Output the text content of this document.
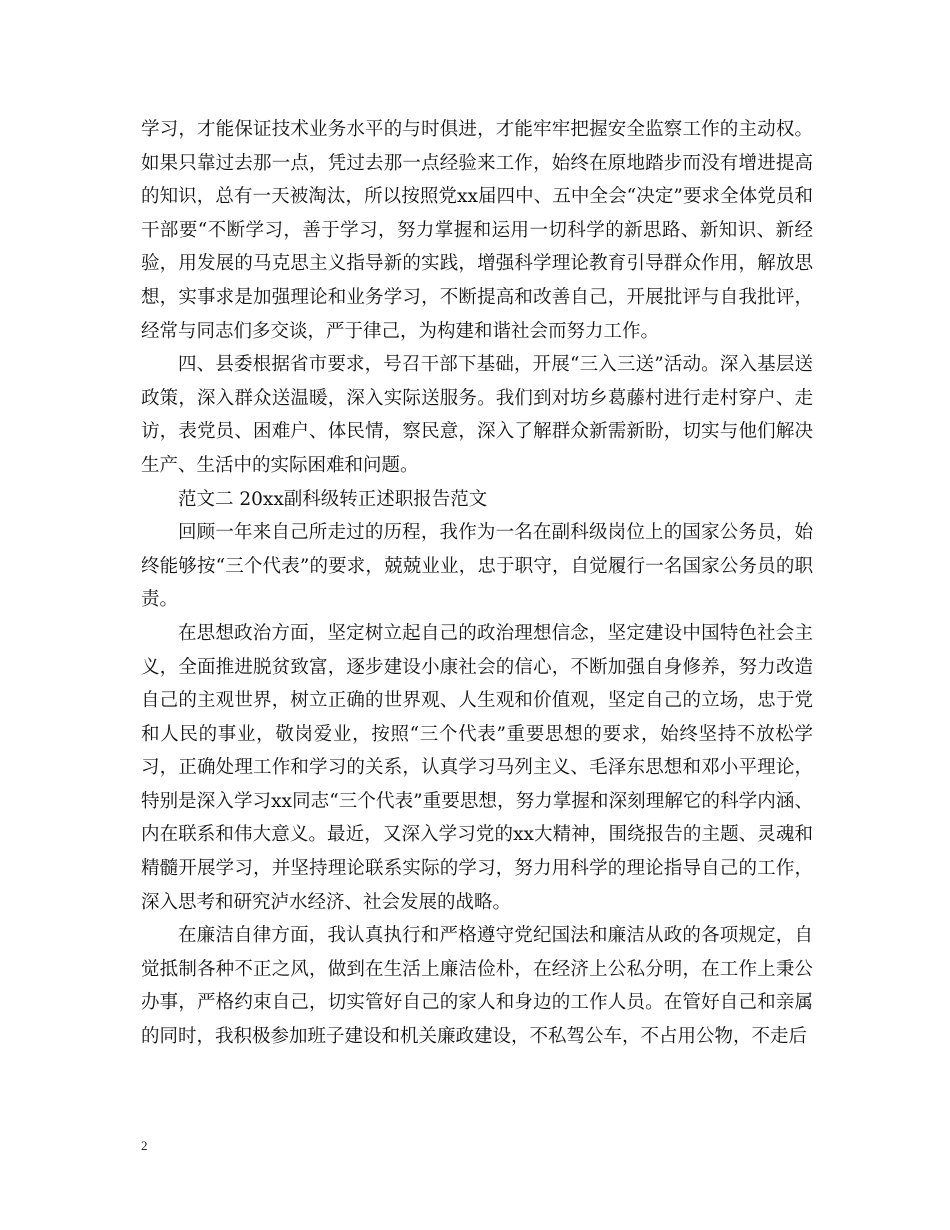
学习，才能保证技术业务水平的与时俱进，才能牢牢把握安全监察工作的主动权。如果只靠过去那一点，凭过去那一点经验来工作，始终在原地踏步而没有增进提高的知识，总有一天被淘汰，所以按照党xx届四中、五中全会“决定”要求全体党员和干部要“不断学习，善于学习，努力掌握和运用一切科学的新思路、新知识、新经验，用发展的马克思主义指导新的实践，增强科学理论教育引导群众作用，解放思想，实事求是加强理论和业务学习，不断提高和改善自己，开展批评与自我批评，经常与同志们多交谈，严于律己，为构建和谐社会而努力工作。

四、县委根据省市要求，号召干部下基础，开展“三入三送”活动。深入基层送政策，深入群众送温暖，深入实际送服务。我们到对坊乡葛藤村进行走村穿户、走访，表党员、困难户、体民情，察民意，深入了解群众新需新盼，切实与他们解决生产、生活中的实际困难和问题。

范文二 20xx副科级转正述职报告范文

回顾一年来自己所走过的历程，我作为一名在副科级岗位上的国家公务员，始终能够按“三个代表”的要求，兢兢业业，忠于职守，自觉履行一名国家公务员的职责。

在思想政治方面，坚定树立起自己的政治理想信念，坚定建设中国特色社会主义，全面推进脱贫致富，逐步建设小康社会的信心，不断加强自身修养，努力改造自己的主观世界，树立正确的世界观、人生观和价值观，坚定自己的立场，忠于党和人民的事业，敬岗爱业，按照“三个代表”重要思想的要求，始终坚持不放松学习，正确处理工作和学习的关系，认真学习马列主义、毛泽东思想和邓小平理论，特别是深入学习xx同志“三个代表”重要思想，努力掌握和深刻理解它的科学内涵、内在联系和伟大意义。最近，又深入学习党的xx大精神，围绕报告的主题、灵魂和精髓开展学习，并坚持理论联系实际的学习，努力用科学的理论指导自己的工作，深入思考和研究泸水经济、社会发展的战略。

在廉洁自律方面，我认真执行和严格遵守党纪国法和廉洁从政的各项规定，自觉抵制各种不正之风，做到在生活上廉洁俭朴，在经济上公私分明，在工作上秉公办事，严格约束自己，切实管好自己的家人和身边的工作人员。在管好自己和亲属的同时，我积极参加班子建设和机关廉政建设，不私驾公车，不占用公物，不走后

2
